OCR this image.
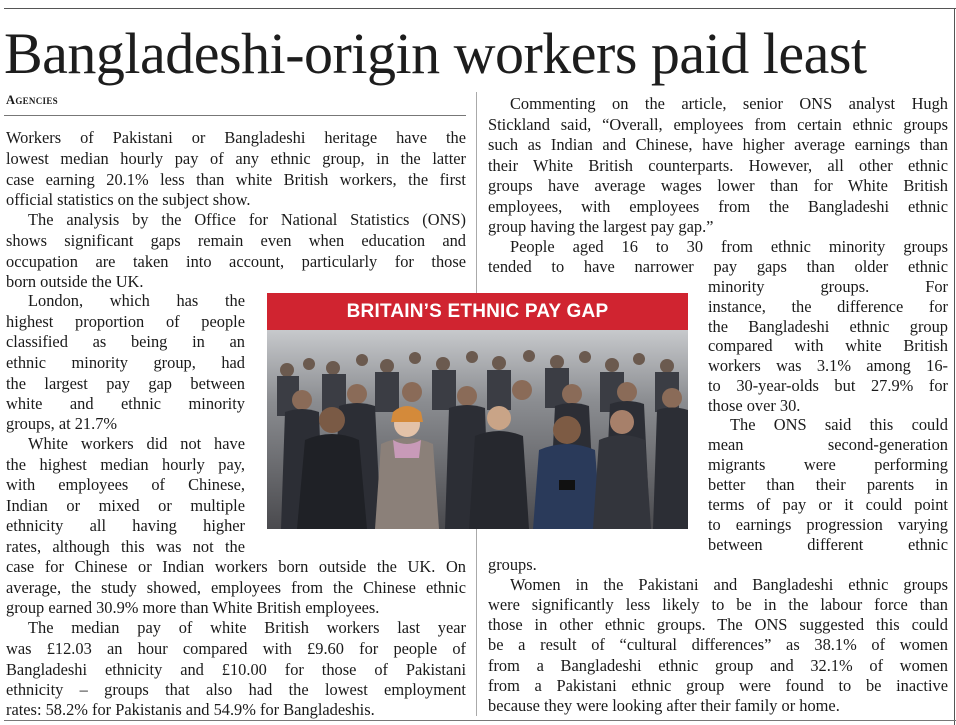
Bangladeshi-origin workers paid least
Agencies
Workers of Pakistani or Bangladeshi heritage have the
lowest median hourly pay of any ethnic group, in the latter
case earning 20.1% less than white British workers, the first
official statistics on the subject show.
The analysis by the Office for National Statistics (ONS)
shows significant gaps remain even when education and
occupation are taken into account, particularly for those
born outside the UK.
London, which has the
highest proportion of people
classified as being in an
ethnic minority group, had
the largest pay gap between
white and ethnic minority
groups, at 21.7%
White workers did not have
the highest median hourly pay,
with employees of Chinese,
Indian or mixed or multiple
ethnicity all having higher
rates, although this was not the
case for Chinese or Indian workers born outside the UK. On
average, the study showed, employees from the Chinese ethnic
group earned 30.9% more than White British employees.
The median pay of white British workers last year
was £12.03 an hour compared with £9.60 for people of
Bangladeshi ethnicity and £10.00 for those of Pakistani
ethnicity – groups that also had the lowest employment
rates: 58.2% for Pakistanis and 54.9% for Bangladeshis.
Commenting on the article, senior ONS analyst Hugh
Stickland said, “Overall, employees from certain ethnic groups
such as Indian and Chinese, have higher average earnings than
their White British counterparts. However, all other ethnic
groups have average wages lower than for White British
employees, with employees from the Bangladeshi ethnic
group having the largest pay gap.”
People aged 16 to 30 from ethnic minority groups
tended to have narrower pay gaps than older ethnic
minority groups. For
instance, the difference for
the Bangladeshi ethnic group
compared with white British
workers was 3.1% among 16-
to 30-year-olds but 27.9% for
those over 30.
The ONS said this could
mean second-generation
migrants were performing
better than their parents in
terms of pay or it could point
to earnings progression varying
between different ethnic
groups.
Women in the Pakistani and Bangladeshi ethnic groups
were significantly less likely to be in the labour force than
those in other ethnic groups. The ONS suggested this could
be a result of “cultural differences” as 38.1% of women
from a Bangladeshi ethnic group and 32.1% of women
from a Pakistani ethnic group were found to be inactive
because they were looking after their family or home.
BRITAIN’S ETHNIC PAY GAP
